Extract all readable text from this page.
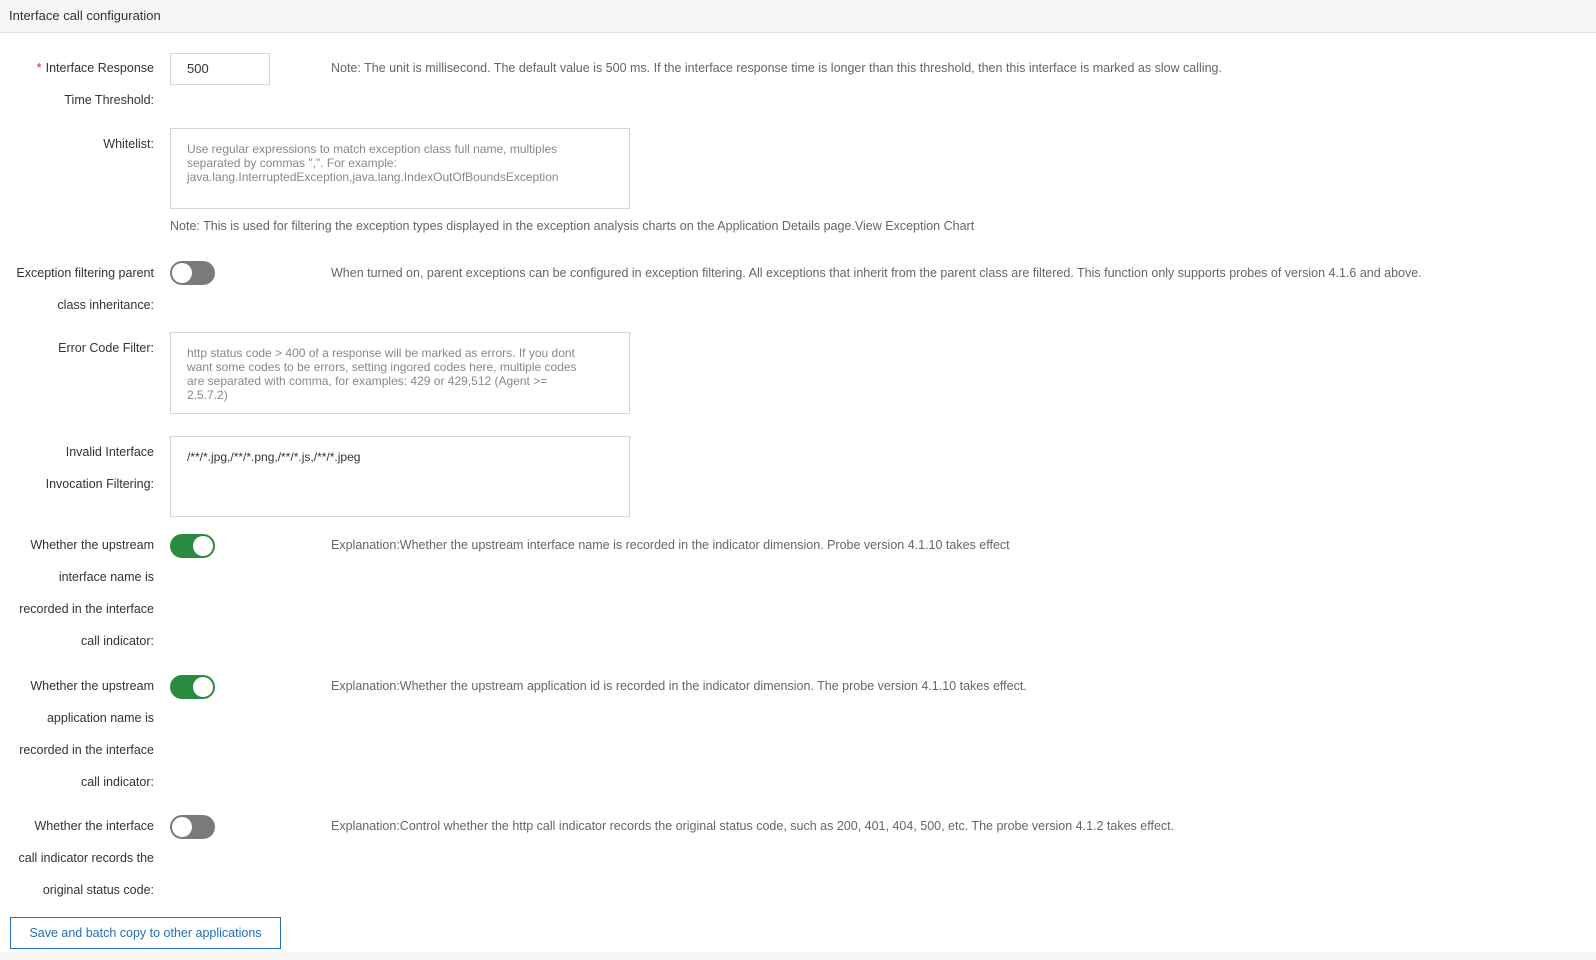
Interface call configuration
* Interface Response
Time Threshold:
500	Note: The unit is millisecond. The default value is 500 ms. If the interface response time is longer than this threshold, then this interface is marked as slow calling.
Whitelist:	Use regular expressions to match exception class full name, multiples
separated by commas ",". For example:
java.lang.InterruptedException,java.lang.IndexOutOfBoundsException
Note: This is used for filtering the exception types displayed in the exception analysis charts on the Application Details page.View Exception Chart
Exception filtering parent
class inheritance:
When turned on, parent exceptions can be configured in exception filtering. All exceptions that inherit from the parent class are filtered. This function only supports probes of version 4.1.6 and above.
Error Code Filter:	http status code > 400 of a response will be marked as errors. If you dont
want some codes to be errors, setting ingored codes here, multiple codes
are separated with comma, for examples: 429 or 429,512 (Agent >=
2.5.7.2)
Invalid Interface
Invocation Filtering:
/**/*.jpg,/**/*.png,/**/*.js,/**/*.jpeg
Whether the upstream
interface name is
recorded in the interface
call indicator:
Explanation:Whether the upstream interface name is recorded in the indicator dimension. Probe version 4.1.10 takes effect
Whether the upstream
application name is
recorded in the interface
call indicator:
Explanation:Whether the upstream application id is recorded in the indicator dimension. The probe version 4.1.10 takes effect.
Whether the interface
call indicator records the
original status code:
Explanation:Control whether the http call indicator records the original status code, such as 200, 401, 404, 500, etc. The probe version 4.1.2 takes effect.
Save and batch copy to other applications
